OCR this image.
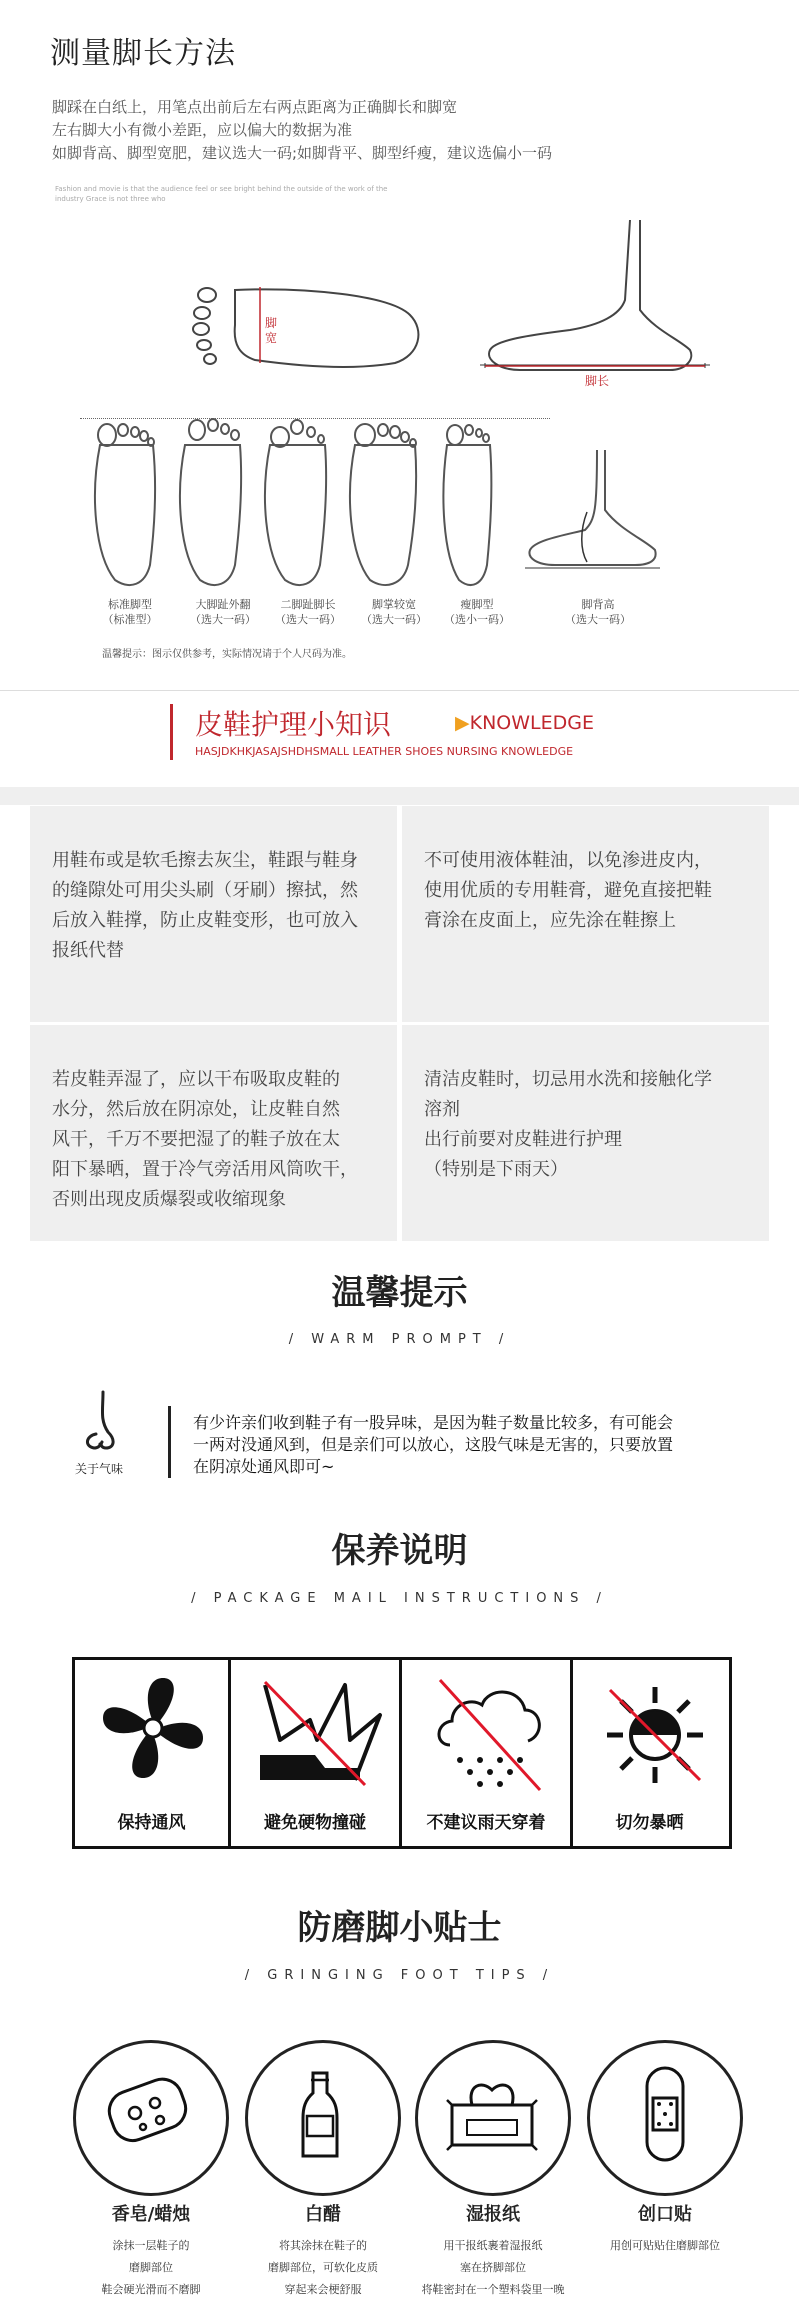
测量脚长方法
脚踩在白纸上，用笔点出前后左右两点距离为正确脚长和脚宽
左右脚大小有微小差距，应以偏大的数据为准
如脚背高、脚型宽肥，建议选大一码;如脚背平、脚型纤瘦，建议选偏小一码
Fashion and movie is that the audience feel or see bright behind the outside of the work of the
industry Grace is not three who
脚宽
脚长
标准脚型
（标准型）
大脚趾外翻
（选大一码）
二脚趾脚长
（选大一码）
脚掌较宽
（选大一码）
瘦脚型
（选小一码）
脚背高
（选大一码）
温馨提示：图示仅供参考，实际情况请于个人尺码为准。
皮鞋护理小知识	▶KNOWLEDGE
HASJDKHKJASAJSHDHSMALL LEATHER SHOES NURSING KNOWLEDGE
用鞋布或是软毛擦去灰尘，鞋跟与鞋身
的缝隙处可用尖头刷（牙刷）擦拭，然
后放入鞋撑，防止皮鞋变形，也可放入
报纸代替
不可使用液体鞋油，以免渗进皮内，
使用优质的专用鞋膏，避免直接把鞋
膏涂在皮面上，应先涂在鞋擦上
若皮鞋弄湿了，应以干布吸取皮鞋的
水分，然后放在阴凉处，让皮鞋自然
风干，千万不要把湿了的鞋子放在太
阳下暴晒，置于冷气旁活用风筒吹干，
否则出现皮质爆裂或收缩现象
清洁皮鞋时，切忌用水洗和接触化学
溶剂
出行前要对皮鞋进行护理
（特别是下雨天）
温馨提示
/ WARM PROMPT /
关于气味
有少许亲们收到鞋子有一股异味，是因为鞋子数量比较多，有可能会
一两对没通风到，但是亲们可以放心，这股气味是无害的，只要放置
在阴凉处通风即可~
保养说明
/ PACKAGE MAIL INSTRUCTIONS /
保持通风	避免硬物撞碰	不建议雨天穿着	切勿暴晒
防磨脚小贴士
/ GRINGING FOOT TIPS /
香皂/蜡烛
涂抹一层鞋子的
磨脚部位
鞋会硬光滑而不磨脚
白醋
将其涂抹在鞋子的
磨脚部位，可软化皮质
穿起来会梗舒服
湿报纸
用干报纸裹着湿报纸
塞在挤脚部位
将鞋密封在一个塑料袋里一晚
创口贴
用创可贴贴住磨脚部位
